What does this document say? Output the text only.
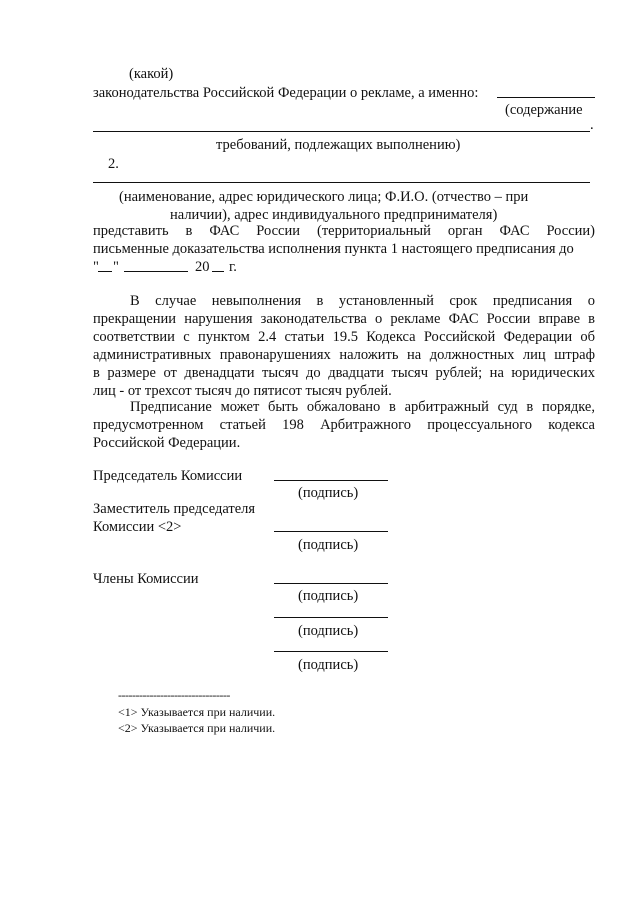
(какой)
законодательства Российской Федерации о рекламе, а именно:
(содержание
.
требований, подлежащих выполнению)
2.
(наименование, адрес юридического лица; Ф.И.О. (отчество – при
наличии), адрес индивидуального предпринимателя)
представить в ФАС России (территориальный орган ФАС России)
письменные доказательства исполнения пункта 1 настоящего предписания до
" "	20 г.
В случае невыполнения в установленный срок предписания о
прекращении нарушения законодательства о рекламе ФАС России вправе в
соответствии с пунктом 2.4 статьи 19.5 Кодекса Российской Федерации об
административных правонарушениях наложить на должностных лиц штраф
в размере от двенадцати тысяч до двадцати тысяч рублей; на юридических
лиц - от трехсот тысяч до пятисот тысяч рублей.
Предписание может быть обжаловано в арбитражный суд в порядке,
предусмотренном статьей 198 Арбитражного процессуального кодекса
Российской Федерации.
Председатель Комиссии
(подпись)
Заместитель председателя
Комиссии <2>
(подпись)
Члены Комиссии
(подпись)
(подпись)
(подпись)
--------------------------------
<1> Указывается при наличии.
<2> Указывается при наличии.
